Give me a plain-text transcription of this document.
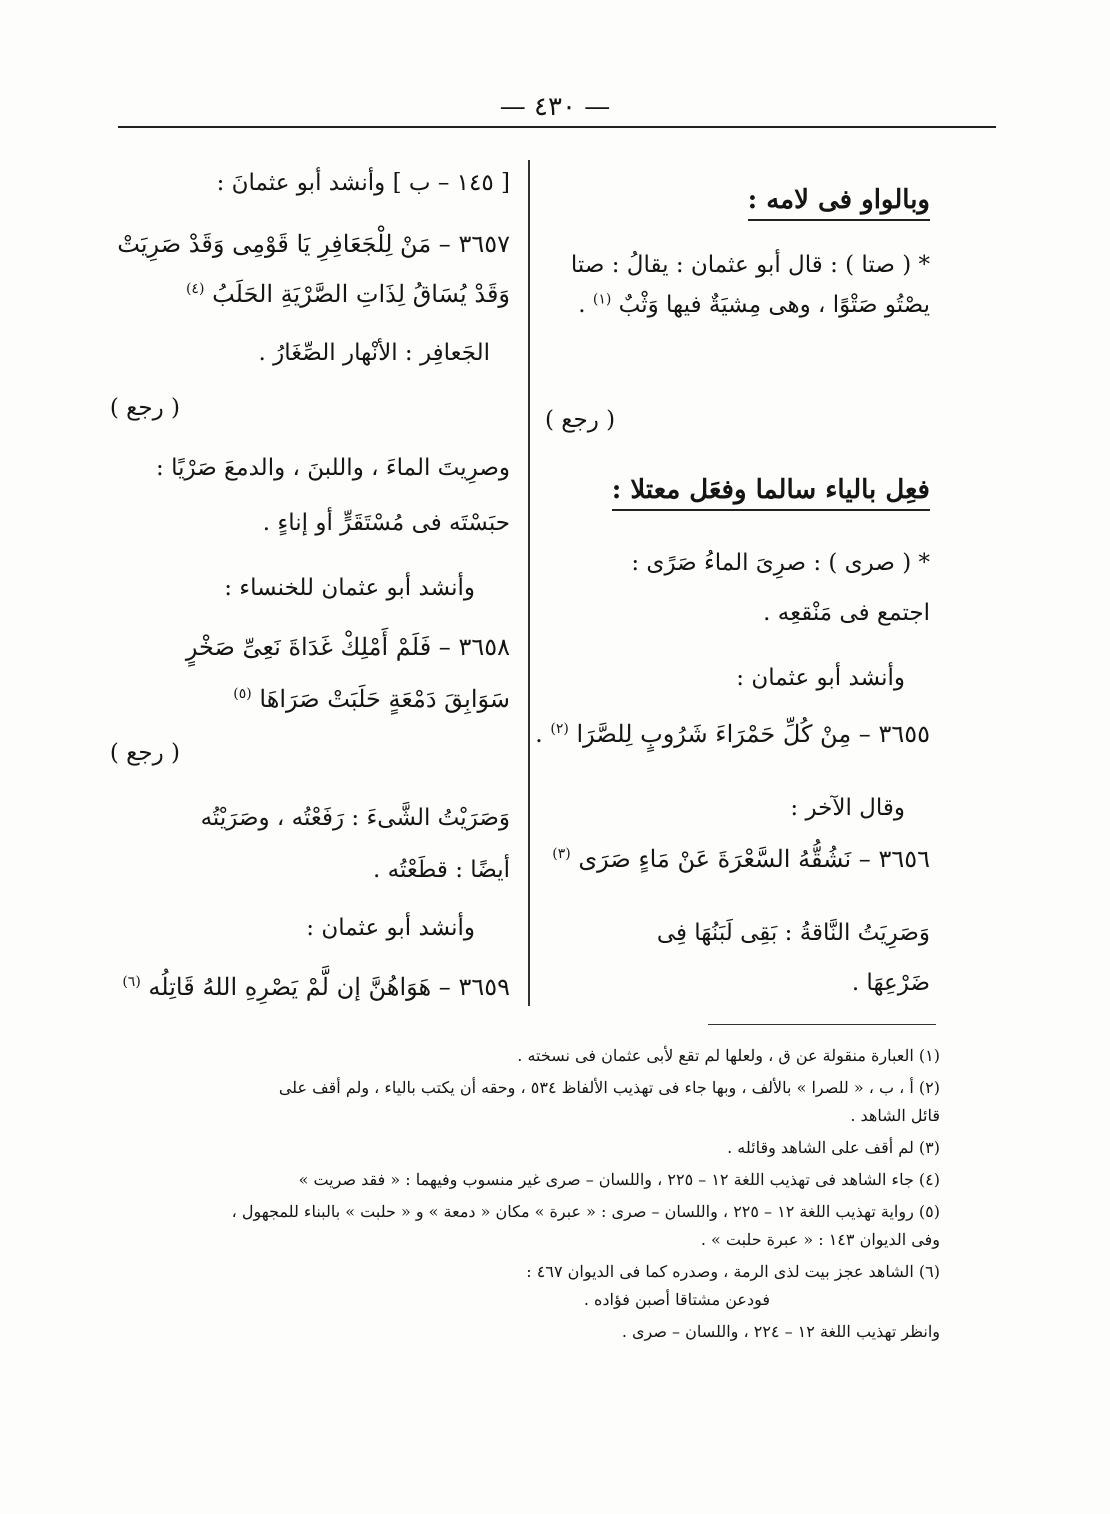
— ٤٣٠ —
وبالواو فى لامه :
* ( صتا ) : قال أبو عثمان : يقالُ : صتا يصْتُو صَتْوًا ، وهى مِشيَةٌ فيها وَثْبٌ $^{(١)}$ .
( رجع )
فعِل بالياء سالما وفعَل معتلا :
* ( صرى ) : صرِىَ الماءُ صَرًى :
اجتمع فى مَنْقعِه .
وأنشد أبو عثمان :
٣٦٥٥ – مِنْ كُلِّ حَمْرَاءَ شَرُوبٍ لِلصَّرَا $^{(٢)}$ .
وقال الآخر :
٣٦٥٦ – نَشُقُّهُ السَّعْرَةَ عَنْ مَاءٍ صَرَى $^{(٣)}$
وَصَرِيَتُ النَّاقةُ : بَقِى لَبَنُهَا فِى
ضَرْعِهَا .
[ ١٤٥ – ب ] وأنشد أبو عثمانَ :
٣٦٥٧ – مَنْ لِلْجَعَافِرِ يَا قَوْمِى وَقَدْ صَرِيَتْ
وَقَدْ يُسَاقُ لِذَاتِ الصَّرْيَةِ الحَلَبُ $^{(٤)}$
الجَعافِر : الأنْهار الصِّغَارُ .
( رجع )
وصرِيتَ الماءَ ، واللبنَ ، والدمعَ صَرْيًا :
حبَسْتَه فى مُسْتَقَرٍّ أو إناءٍ .
وأنشد أبو عثمان للخنساء :
٣٦٥٨ – فَلَمْ أَمْلِكْ غَدَاةَ نَعِىِّ صَخْرٍ
سَوَابِقَ دَمْعَةٍ حَلَبَتْ صَرَاهَا $^{(٥)}$
( رجع )
وَصَرَيْتُ الشَّىءَ : رَفَعْتُه ، وصَرَيْتُه
أيضًا : قطَعْتُه .
وأنشد أبو عثمان :
٣٦٥٩ – هَوَاهُنَّ إن لَّمْ يَصْرِهِ اللهُ قَاتِلُه $^{(٦)}$

(١) العبارة منقولة عن ق ، ولعلها لم تقع لأبى عثمان فى نسخته .

(٢) أ ، ب ، « للصرا » بالألف ، وبها جاء فى تهذيب الألفاظ ٥٣٤ ، وحقه أن يكتب بالياء ، ولم أقف على

قائل الشاهد .

(٣) لم أقف على الشاهد وقائله .

(٤) جاء الشاهد فى تهذيب اللغة ١٢ – ٢٢٥ ، واللسان – صرى غير منسوب وفيهما : « فقد صريت »

(٥) رواية تهذيب اللغة ١٢ – ٢٢٥ ، واللسان – صرى : « عبرة » مكان « دمعة » و « حلبت » بالبناء للمجهول ،

وفى الديوان ١٤٣ : « عبرة حلبت » .

(٦) الشاهد عجز بيت لذى الرمة ، وصدره كما فى الديوان ٤٦٧ :

فودعن مشتاقا أصبن فؤاده .

وانظر تهذيب اللغة ١٢ – ٢٢٤ ، واللسان – صرى .
